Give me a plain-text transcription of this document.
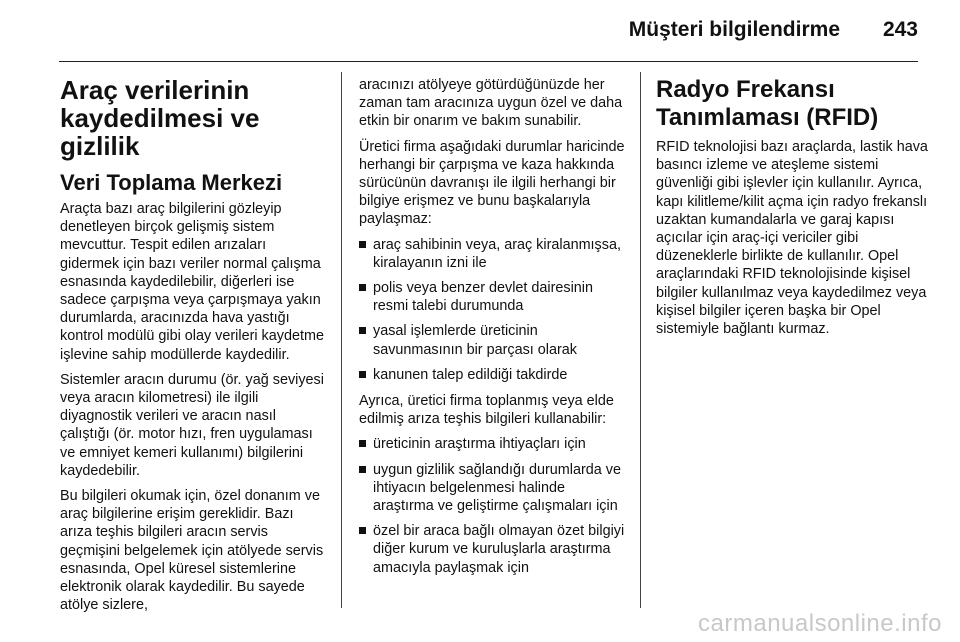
Müşteri bilgilendirme 243
Araç verilerinin kaydedilmesi ve gizlilik
Veri Toplama Merkezi

Araçta bazı araç bilgilerini gözleyip denetleyen birçok gelişmiş sistem mevcuttur. Tespit edilen arızaları gidermek için bazı veriler normal çalışma esnasında kaydedilebilir, diğerleri ise sadece çarpışma veya çarpışmaya yakın durumlarda, aracınızda hava yastığı kontrol modülü gibi olay verileri kaydetme işlevine sahip modüllerde kaydedilir.

Sistemler aracın durumu (ör. yağ seviyesi veya aracın kilometresi) ile ilgili diyagnostik verileri ve aracın nasıl çalıştığı (ör. motor hızı, fren uygulaması ve emniyet kemeri kullanımı) bilgilerini kaydedebilir.

Bu bilgileri okumak için, özel donanım ve araç bilgilerine erişim gereklidir. Bazı arıza teşhis bilgileri aracın servis geçmişini belgelemek için atölyede servis esnasında, Opel küresel sistemlerine elektronik olarak kaydedilir. Bu sayede atölye sizlere,

aracınızı atölyeye götürdüğünüzde her zaman tam aracınıza uygun özel ve daha etkin bir onarım ve bakım sunabilir.

Üretici firma aşağıdaki durumlar haricinde herhangi bir çarpışma ve kaza hakkında sürücünün davranışı ile ilgili herhangi bir bilgiye erişmez ve bunu başkalarıyla paylaşmaz:

araç sahibinin veya, araç kiralanmışsa, kiralayanın izni ile
polis veya benzer devlet dairesinin resmi talebi durumunda
yasal işlemlerde üreticinin savunmasının bir parçası olarak
kanunen talep edildiği takdirde

Ayrıca, üretici firma toplanmış veya elde edilmiş arıza teşhis bilgileri kullanabilir:

üreticinin araştırma ihtiyaçları için
uygun gizlilik sağlandığı durumlarda ve ihtiyacın belgelenmesi halinde araştırma ve geliştirme çalışmaları için
özel bir araca bağlı olmayan özet bilgiyi diğer kurum ve kuruluşlarla araştırma amacıyla paylaşmak için
Radyo Frekansı Tanımlaması (RFID)

RFID teknolojisi bazı araçlarda, lastik hava basıncı izleme ve ateşleme sistemi güvenliği gibi işlevler için kullanılır. Ayrıca, kapı kilitleme/kilit açma için radyo frekanslı uzaktan kumandalarla ve garaj kapısı açıcılar için araç-içi vericiler gibi düzeneklerle birlikte de kullanılır. Opel araçlarındaki RFID teknolojisinde kişisel bilgiler kullanılmaz veya kaydedilmez veya kişisel bilgiler içeren başka bir Opel sistemiyle bağlantı kurmaz.

carmanualsonline.info
